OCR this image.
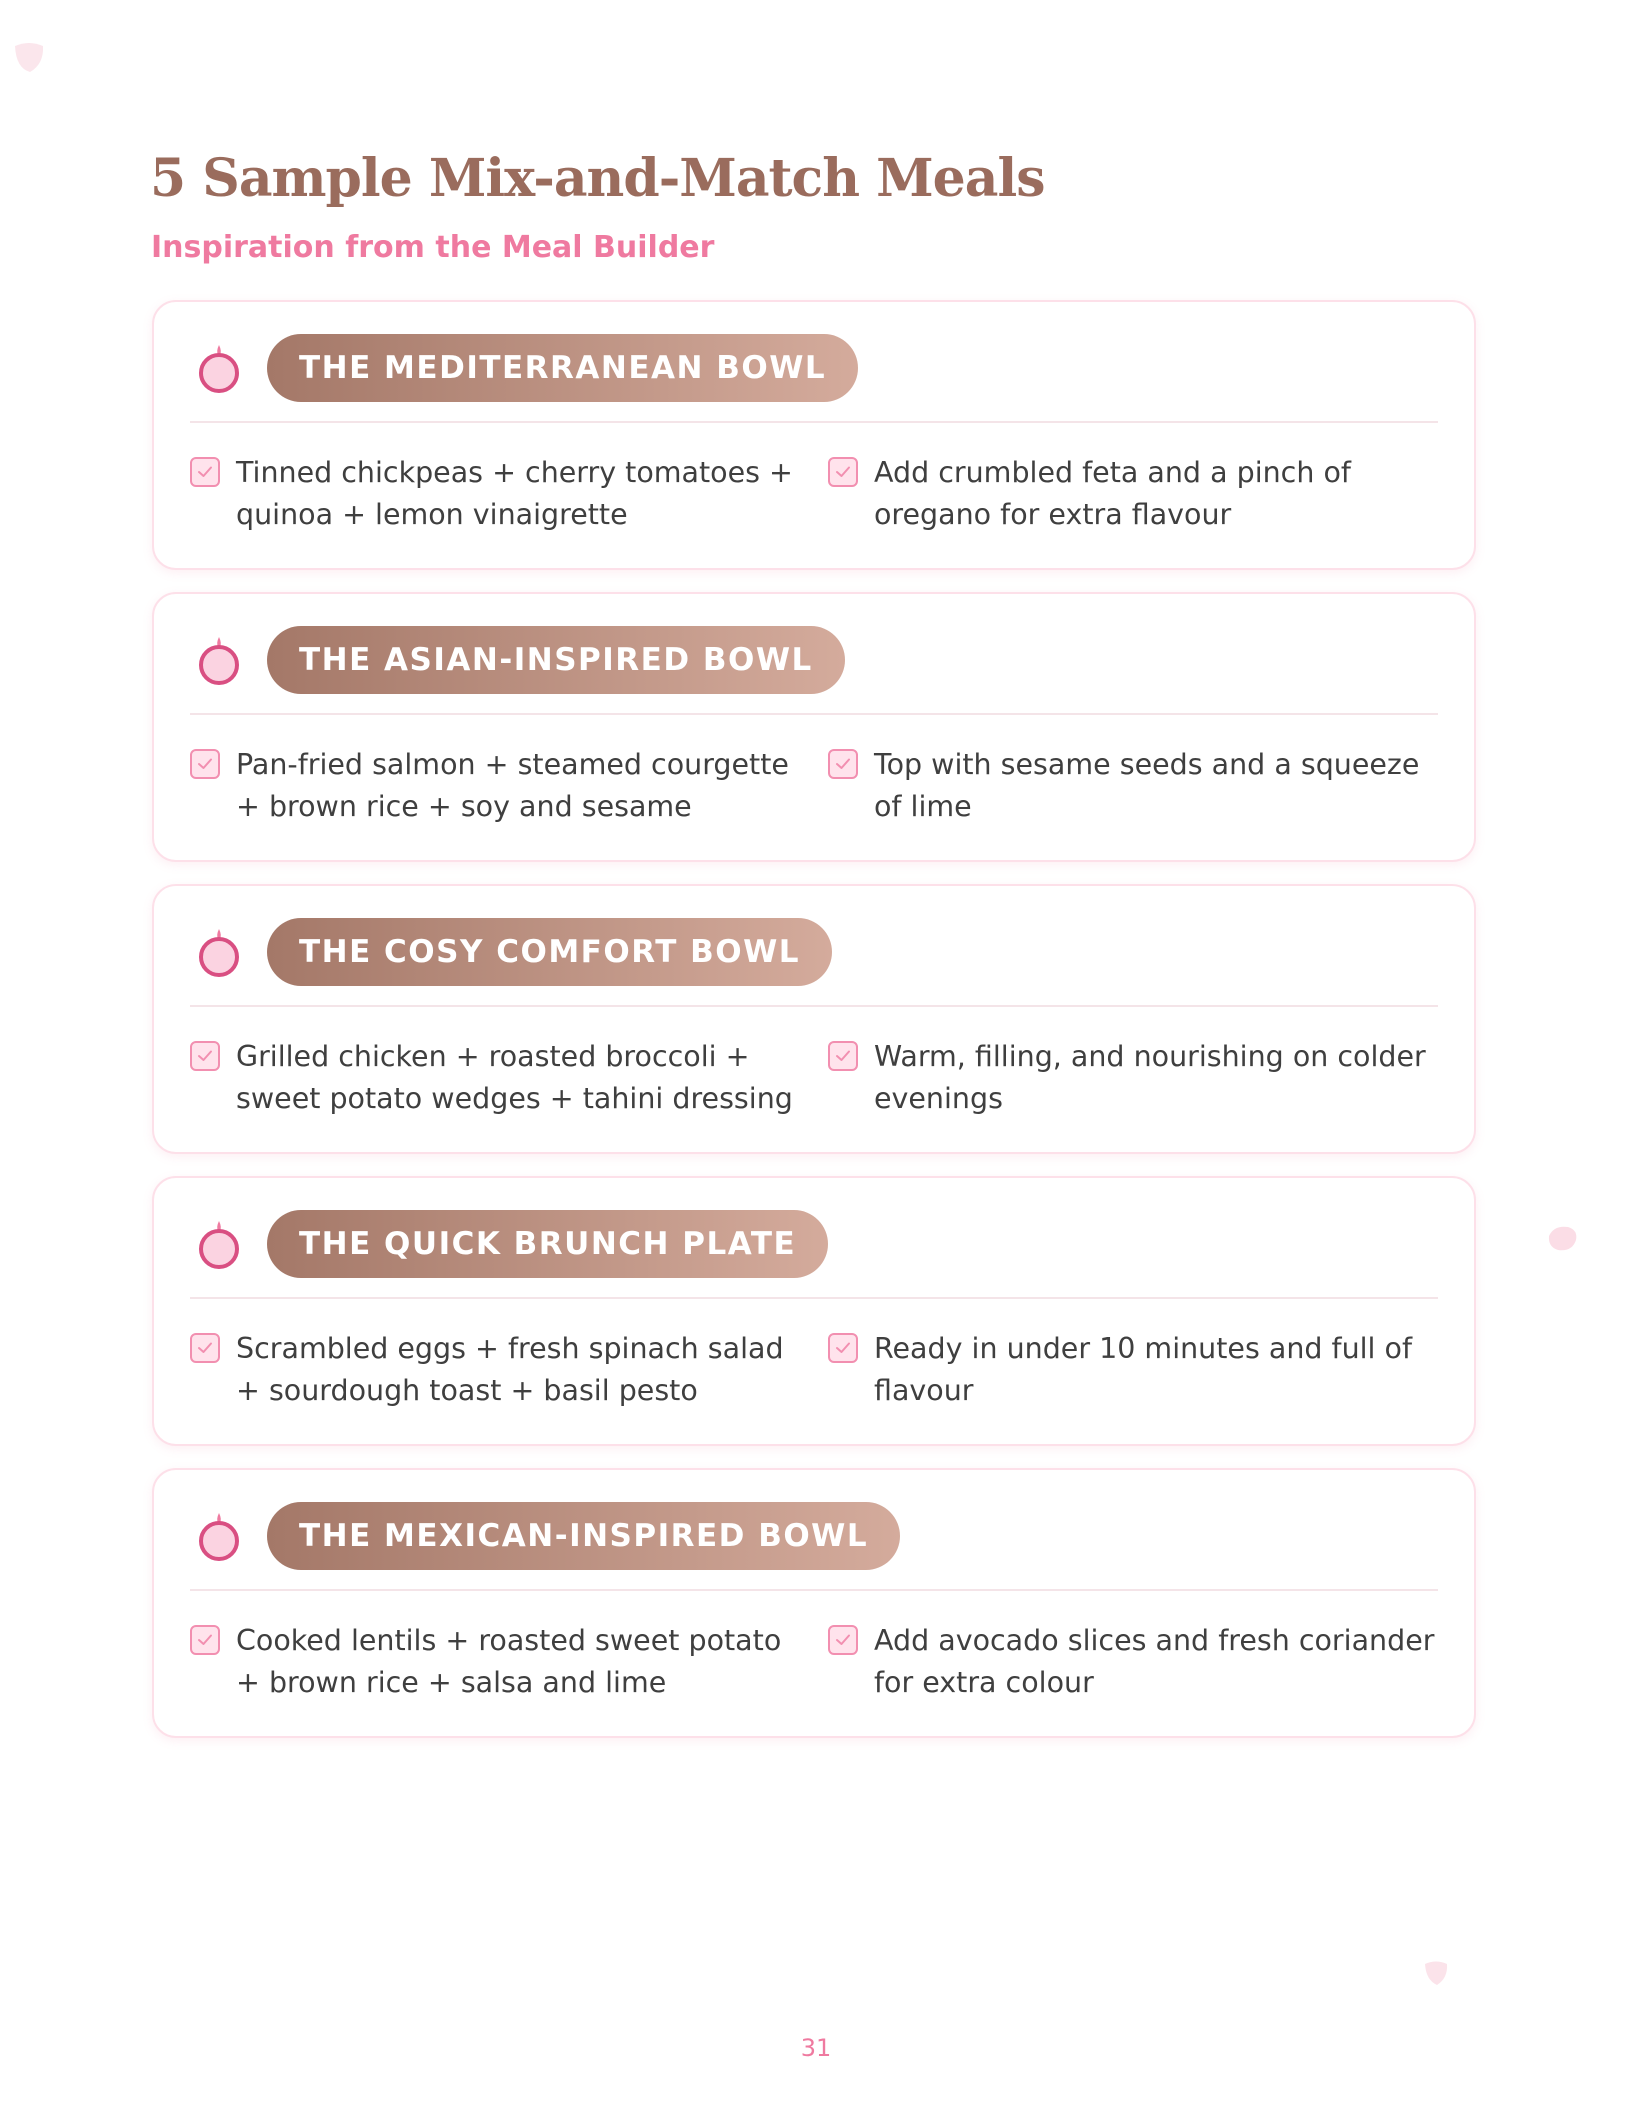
5 Sample Mix-and-Match Meals
Inspiration from the Meal Builder
THE MEDITERRANEAN BOWL
Tinned chickpeas + cherry tomatoes + quinoa + lemon vinaigrette
Add crumbled feta and a pinch of oregano for extra flavour
THE ASIAN-INSPIRED BOWL
Pan-fried salmon + steamed courgette + brown rice + soy and sesame
Top with sesame seeds and a squeeze of lime
THE COSY COMFORT BOWL
Grilled chicken + roasted broccoli + sweet potato wedges + tahini dressing
Warm, filling, and nourishing on colder evenings
THE QUICK BRUNCH PLATE
Scrambled eggs + fresh spinach salad + sourdough toast + basil pesto
Ready in under 10 minutes and full of flavour
THE MEXICAN-INSPIRED BOWL
Cooked lentils + roasted sweet potato + brown rice + salsa and lime
Add avocado slices and fresh coriander for extra colour
31
